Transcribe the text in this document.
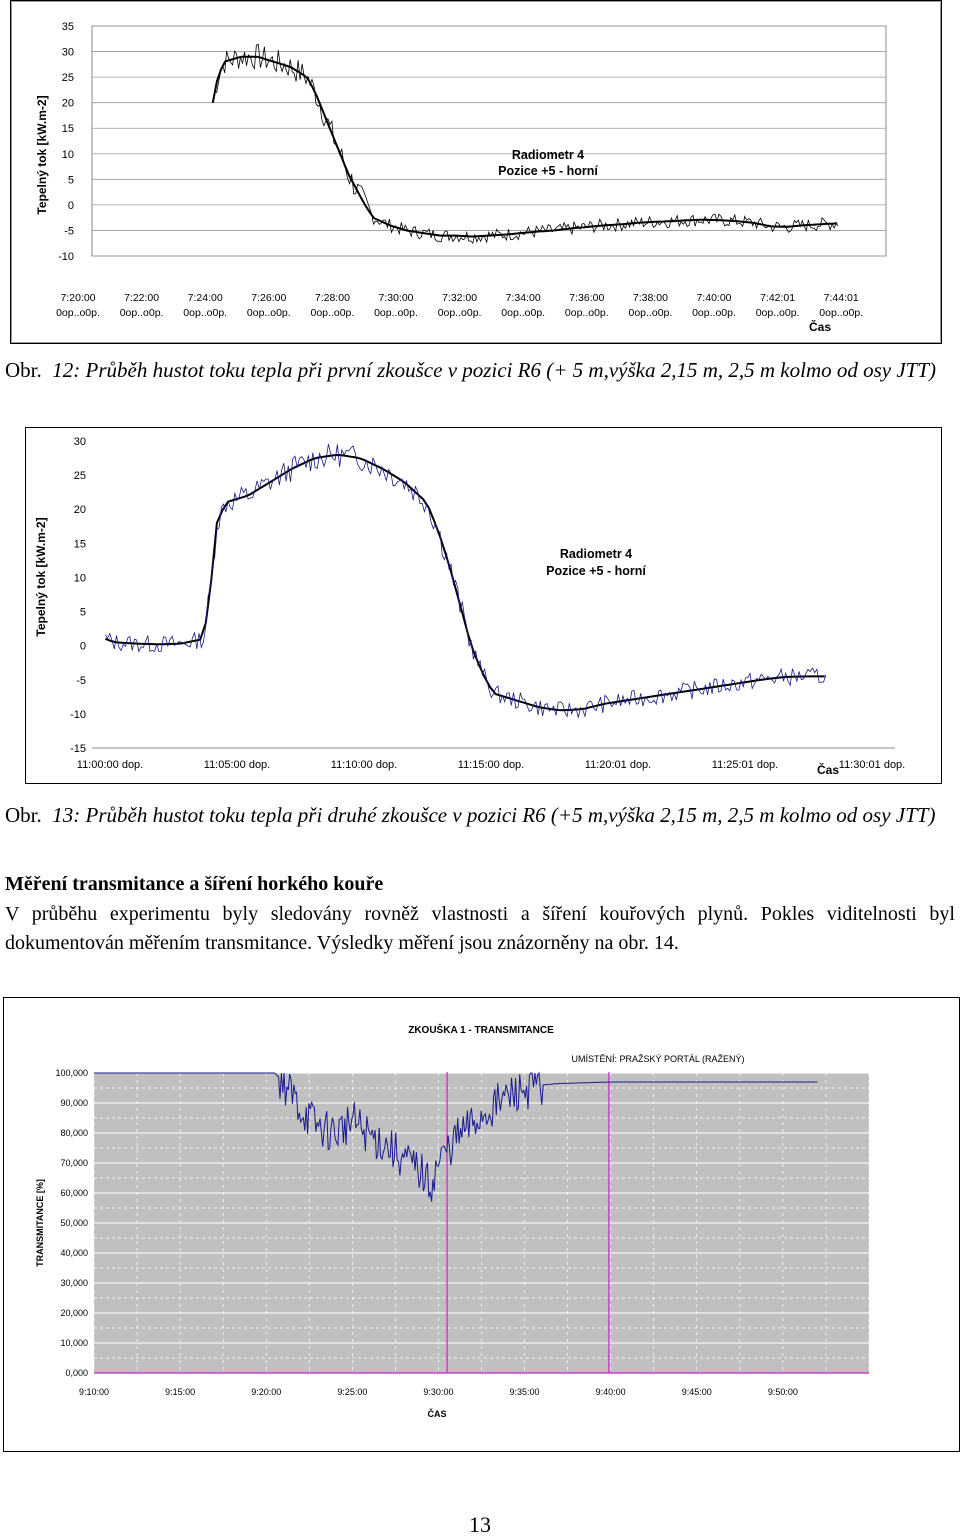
35
30
25
20
15
10
5
0
-5
-10
7:20:00
0op..o0p.
7:22:00
0op..o0p.
7:24:00
0op..o0p.
7:26:00
0op..o0p.
7:28:00
0op..o0p.
7:30:00
0op..o0p.
7:32:00
0op..o0p.
7:34:00
0op..o0p.
7:36:00
0op..o0p.
7:38:00
0op..o0p.
7:40:00
0op..o0p.
7:42:01
0op..o0p.
7:44:01
0op..o0p.
Čas
Tepelný tok [kW.m-2]	Radiometr 4
Pozice +5 - horní
Obr. 12: Průběh hustot toku tepla při první zkoušce v pozici R6 (+ 5 m,výška 2,15 m, 2,5 m kolmo od osy JTT)
30
25
20
15
10
5
0
-5
-10
-15
11:00:00 dop.	11:05:00 dop.	11:10:00 dop.	11:15:00 dop.	11:20:01 dop.	11:25:01 dop.	11:30:01 dop.
Čas
Tepelný tok [kW.m-2]	Radiometr 4
Pozice +5 - horní
Obr. 13: Průběh hustot toku tepla při druhé zkoušce v pozici R6 (+5 m,výška 2,15 m, 2,5 m kolmo od osy JTT)
Měření transmitance a šíření horkého kouře
V průběhu experimentu byly sledovány rovněž vlastnosti a šíření kouřových plynů. Pokles viditelnosti byl dokumentován měřením transmitance. Výsledky měření jsou znázorněny na obr. 14.
100,000
90,000
80,000
70,000
60,000
50,000
40,000
30,000
20,000
10,000
0,000
9:10:00	9:15:00	9:20:00	9:25:00	9:30:00	9:35:00	9:40:00	9:45:00	9:50:00
ZKOUŠKA 1 - TRANSMITANCE
UMÍSTĚNÍ: PRAŽSKÝ PORTÁL (RAŽENÝ)
ČAS
TRANSMITANCE [%]
13
